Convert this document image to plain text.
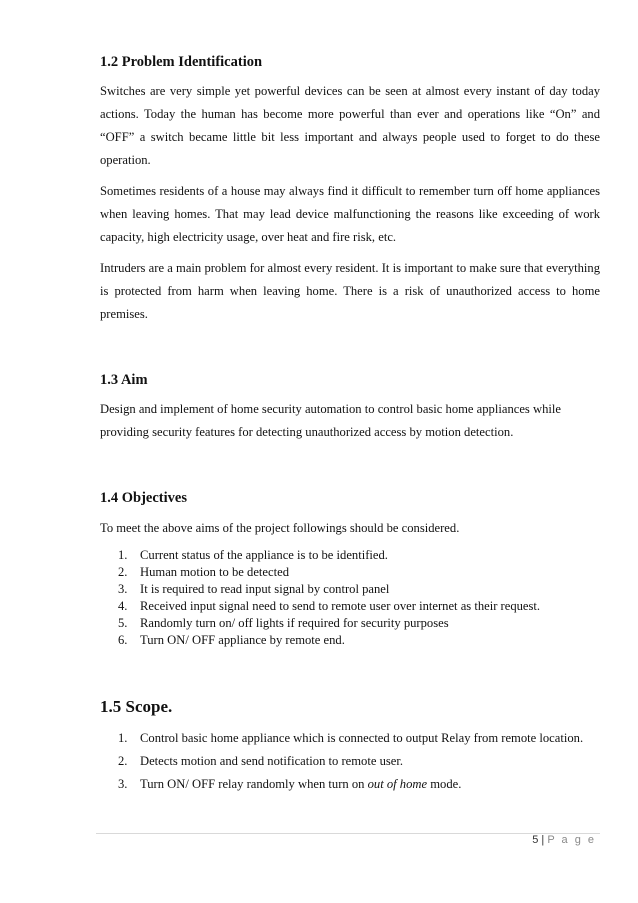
1.2 Problem Identification

Switches are very simple yet powerful devices can be seen at almost every instant of day today actions. Today the human has become more powerful than ever and operations like “On” and “OFF” a switch became little bit less important and always people used to forget to do these operation.

Sometimes residents of a house may always find it difficult to remember turn off home appliances when leaving homes. That may lead device malfunctioning the reasons like exceeding of work capacity, high electricity usage, over heat and fire risk, etc.

Intruders are a main problem for almost every resident. It is important to make sure that everything is protected from harm when leaving home. There is a risk of unauthorized access to home premises.

1.3 Aim

Design and implement of home security automation to control basic home appliances while providing security features for detecting unauthorized access by motion detection.

1.4 Objectives

To meet the above aims of the project followings should be considered.

1. Current status of the appliance is to be identified.
2. Human motion to be detected
3. It is required to read input signal by control panel
4. Received input signal need to send to remote user over internet as their request.
5. Randomly turn on/ off lights if required for security purposes
6. Turn ON/ OFF appliance by remote end.
1.5 Scope.
1. Control basic home appliance which is connected to output Relay from remote location.
2. Detects motion and send notification to remote user.
3. Turn ON/ OFF relay randomly when turn on out of home mode.
5 | P a g e
